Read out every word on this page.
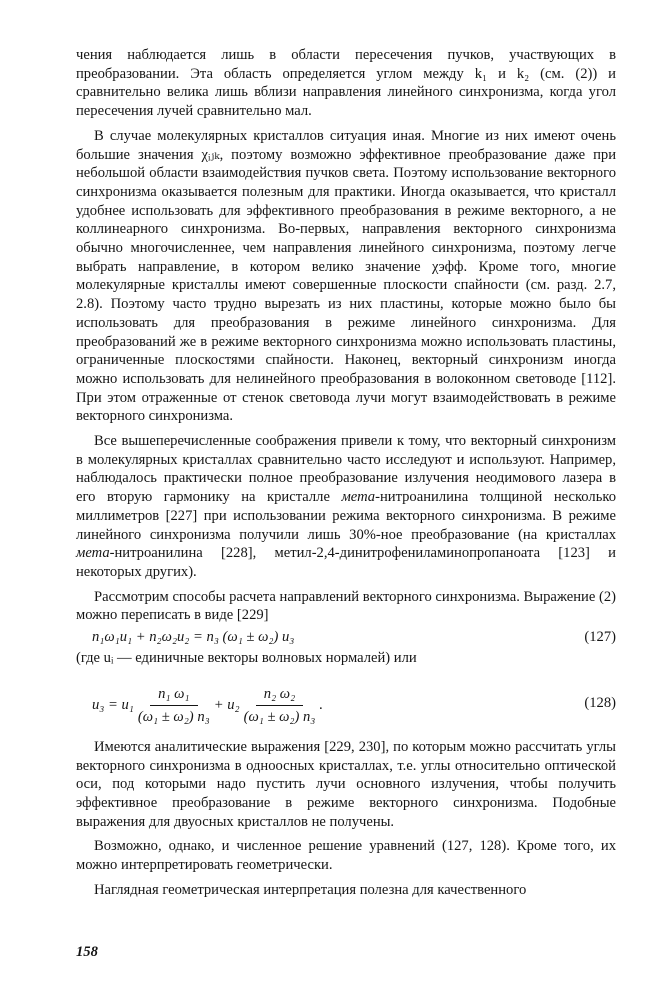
чения наблюдается лишь в области пересечения пучков, участвующих в преобразовании. Эта область определяется углом между k₁ и k₂ (см. (2)) и сравнительно велика лишь вблизи направления линейного синхронизма, когда угол пересечения лучей сравнительно мал.

В случае молекулярных кристаллов ситуация иная. Многие из них имеют очень большие значения χᵢⱼₖ, поэтому возможно эффективное преобразование даже при небольшой области взаимодействия пучков света. Поэтому использование векторного синхронизма оказывается полезным для практики. Иногда оказывается, что кристалл удобнее использовать для эффективного преобразования в режиме векторного, а не коллинеарного синхронизма. Во-первых, направления векторного синхронизма обычно многочисленнее, чем направления линейного синхронизма, поэтому легче выбрать направление, в котором велико значение χэфф. Кроме того, многие молекулярные кристаллы имеют совершенные плоскости спайности (см. разд. 2.7, 2.8). Поэтому часто трудно вырезать из них пластины, которые можно было бы использовать для преобразования в режиме линейного синхронизма. Для преобразований же в режиме векторного синхронизма можно использовать пластины, ограниченные плоскостями спайности. Наконец, векторный синхронизм иногда можно использовать для нелинейного преобразования в волоконном световоде [112]. При этом отраженные от стенок световода лучи могут взаимодействовать в режиме векторного синхронизма.

Все вышеперечисленные соображения привели к тому, что векторный синхронизм в молекулярных кристаллах сравнительно часто исследуют и используют. Например, наблюдалось практически полное преобразование излучения неодимового лазера в его вторую гармонику на кристалле мета-нитроанилина толщиной несколько миллиметров [227] при использовании режима векторного синхронизма. В режиме линейного синхронизма получили лишь 30%-ное преобразование (на кристаллах мета-нитроанилина [228], метил-2,4-динитрофениламинопропаноата [123] и некоторых других).

Рассмотрим способы расчета направлений векторного синхронизма. Выражение (2) можно переписать в виде [229]

n₁ω₁u₁ + n₂ω₂u₂ = n₃ (ω₁ ± ω₂) u₃	(127)

(где uᵢ — единичные векторы волновых нормалей) или

$u_3 = u_1 \frac{\text{n₁ ω₁}}{\text{(ω₁ ± ω₂) n₃}} + u_2 \frac{\text{n₂ ω₂}}{\text{(ω₁ ± ω₂) n₃}}$ .	(128)

Имеются аналитические выражения [229, 230], по которым можно рассчитать углы векторного синхронизма в одноосных кристаллах, т.е. углы относительно оптической оси, под которыми надо пустить лучи основного излучения, чтобы получить эффективное преобразование в режиме векторного синхронизма. Подобные выражения для двуосных кристаллов не получены.

Возможно, однако, и численное решение уравнений (127, 128). Кроме того, их можно интерпретировать геометрически.

Наглядная геометрическая интерпретация полезна для качественного

158
